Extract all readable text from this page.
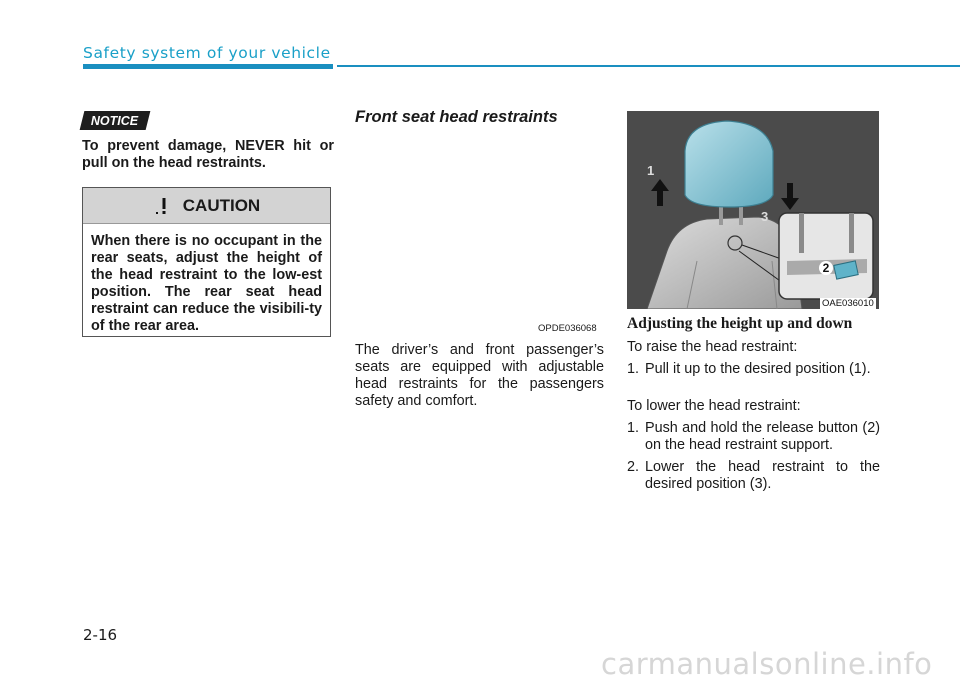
Safety system of your vehicle
NOTICE
To prevent damage, NEVER hit or pull on the head restraints.
CAUTION
When there is no occupant in the rear seats, adjust the height of the head restraint to the low-est position. The rear seat head restraint can reduce the visibili-ty of the rear area.
Front seat head restraints
OPDE036068
The driver’s and front passenger’s seats are equipped with adjustable head restraints for the passengers safety and comfort.
1
3
2
OAE036010

Adjusting the height up and down

To raise the head restraint:

1. Pull it up to the desired position (1).

To lower the head restraint:

1. Push and hold the release button (2) on the head restraint support.
2. Lower the head restraint to the desired position (3).
2-16
carmanualsonline.info
